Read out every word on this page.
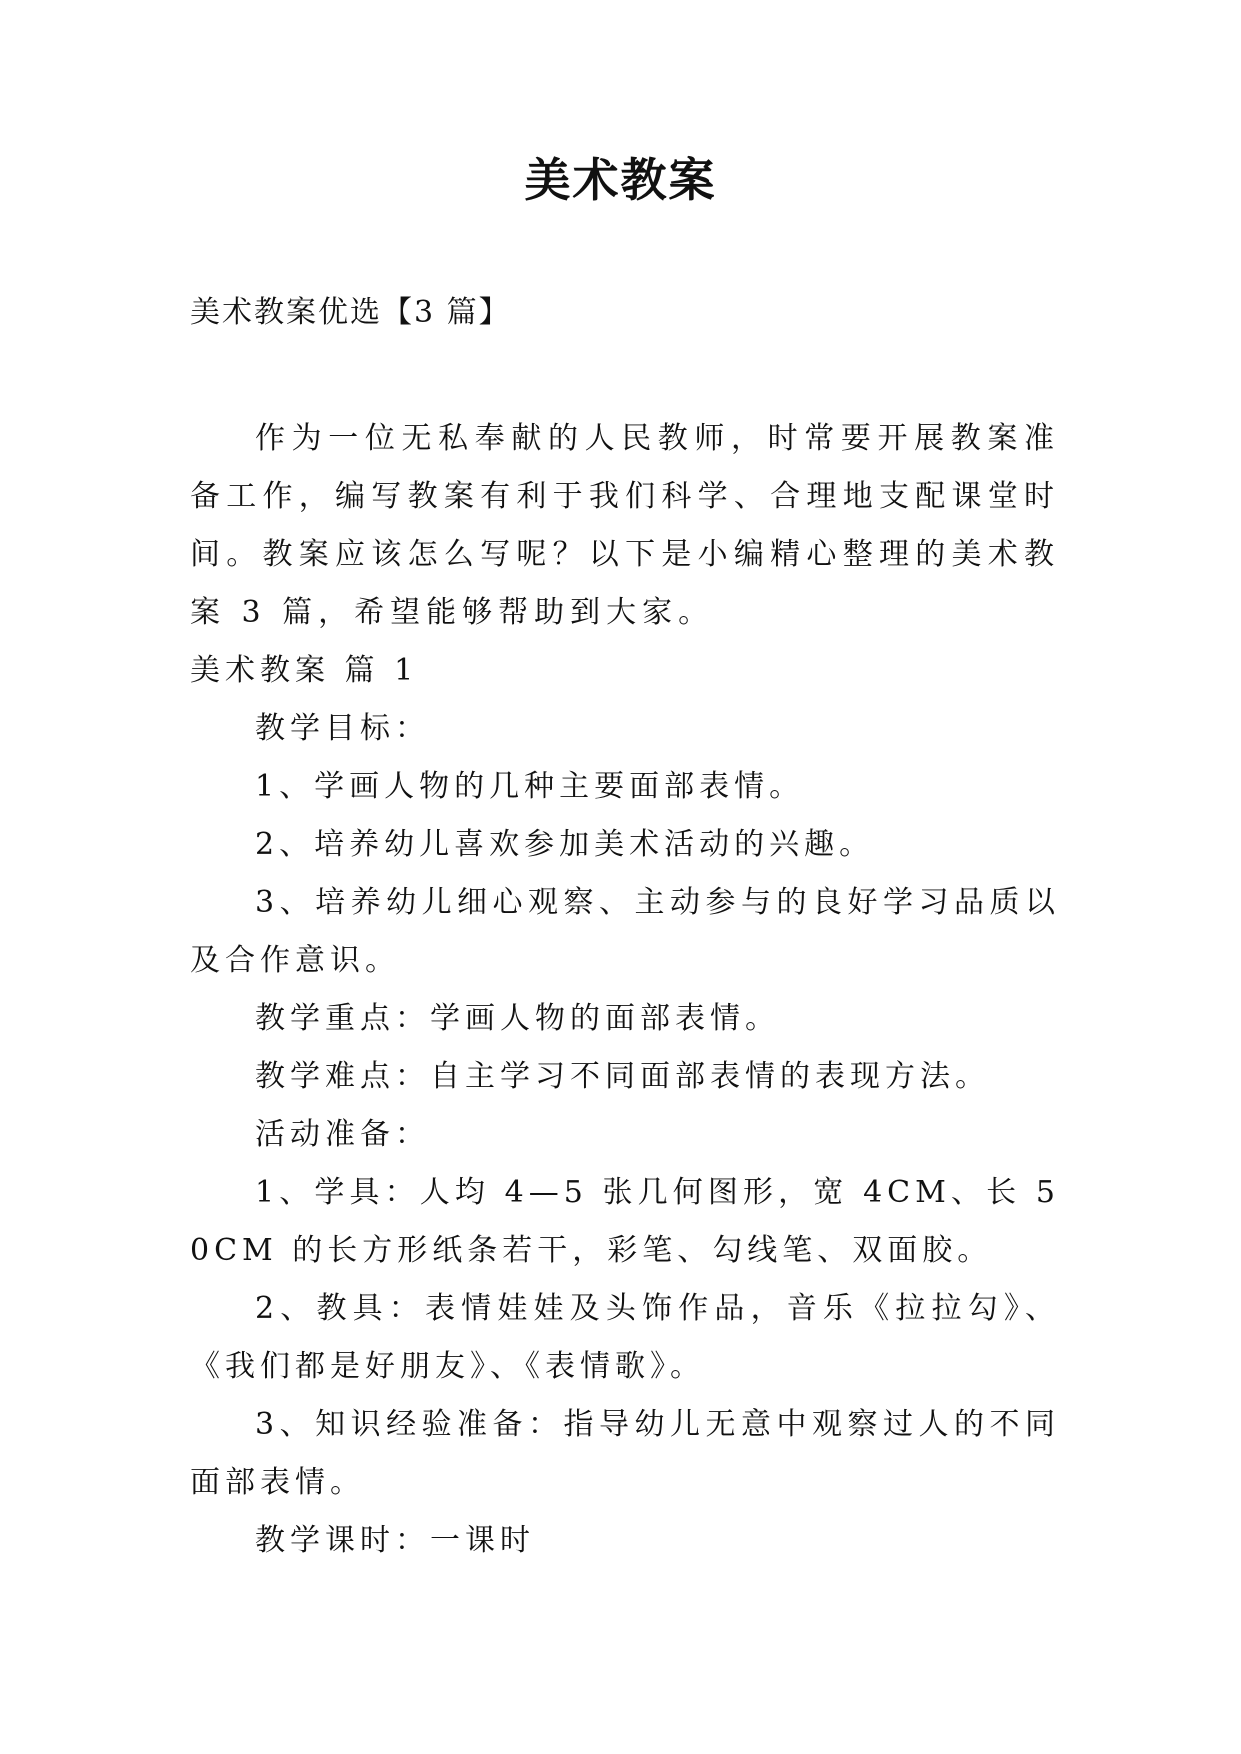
美术教案
美术教案优选【3 篇】

作为一位无私奉献的人民教师，时常要开展教案准备工作，编写教案有利于我们科学、合理地支配课堂时间。教案应该怎么写呢？以下是小编精心整理的美术教案 3 篇，希望能够帮助到大家。

美术教案 篇 1

教学目标：

1、学画人物的几种主要面部表情。

2、培养幼儿喜欢参加美术活动的兴趣。

3、培养幼儿细心观察、主动参与的良好学习品质以及合作意识。

教学重点：学画人物的面部表情。

教学难点：自主学习不同面部表情的表现方法。

活动准备：

1、学具：人均 4—5 张几何图形，宽 4CM、长 50CM 的长方形纸条若干，彩笔、勾线笔、双面胶。

2、教具：表情娃娃及头饰作品，音乐《拉拉勾》、《我们都是好朋友》、《表情歌》。

3、知识经验准备：指导幼儿无意中观察过人的不同面部表情。

教学课时：一课时
